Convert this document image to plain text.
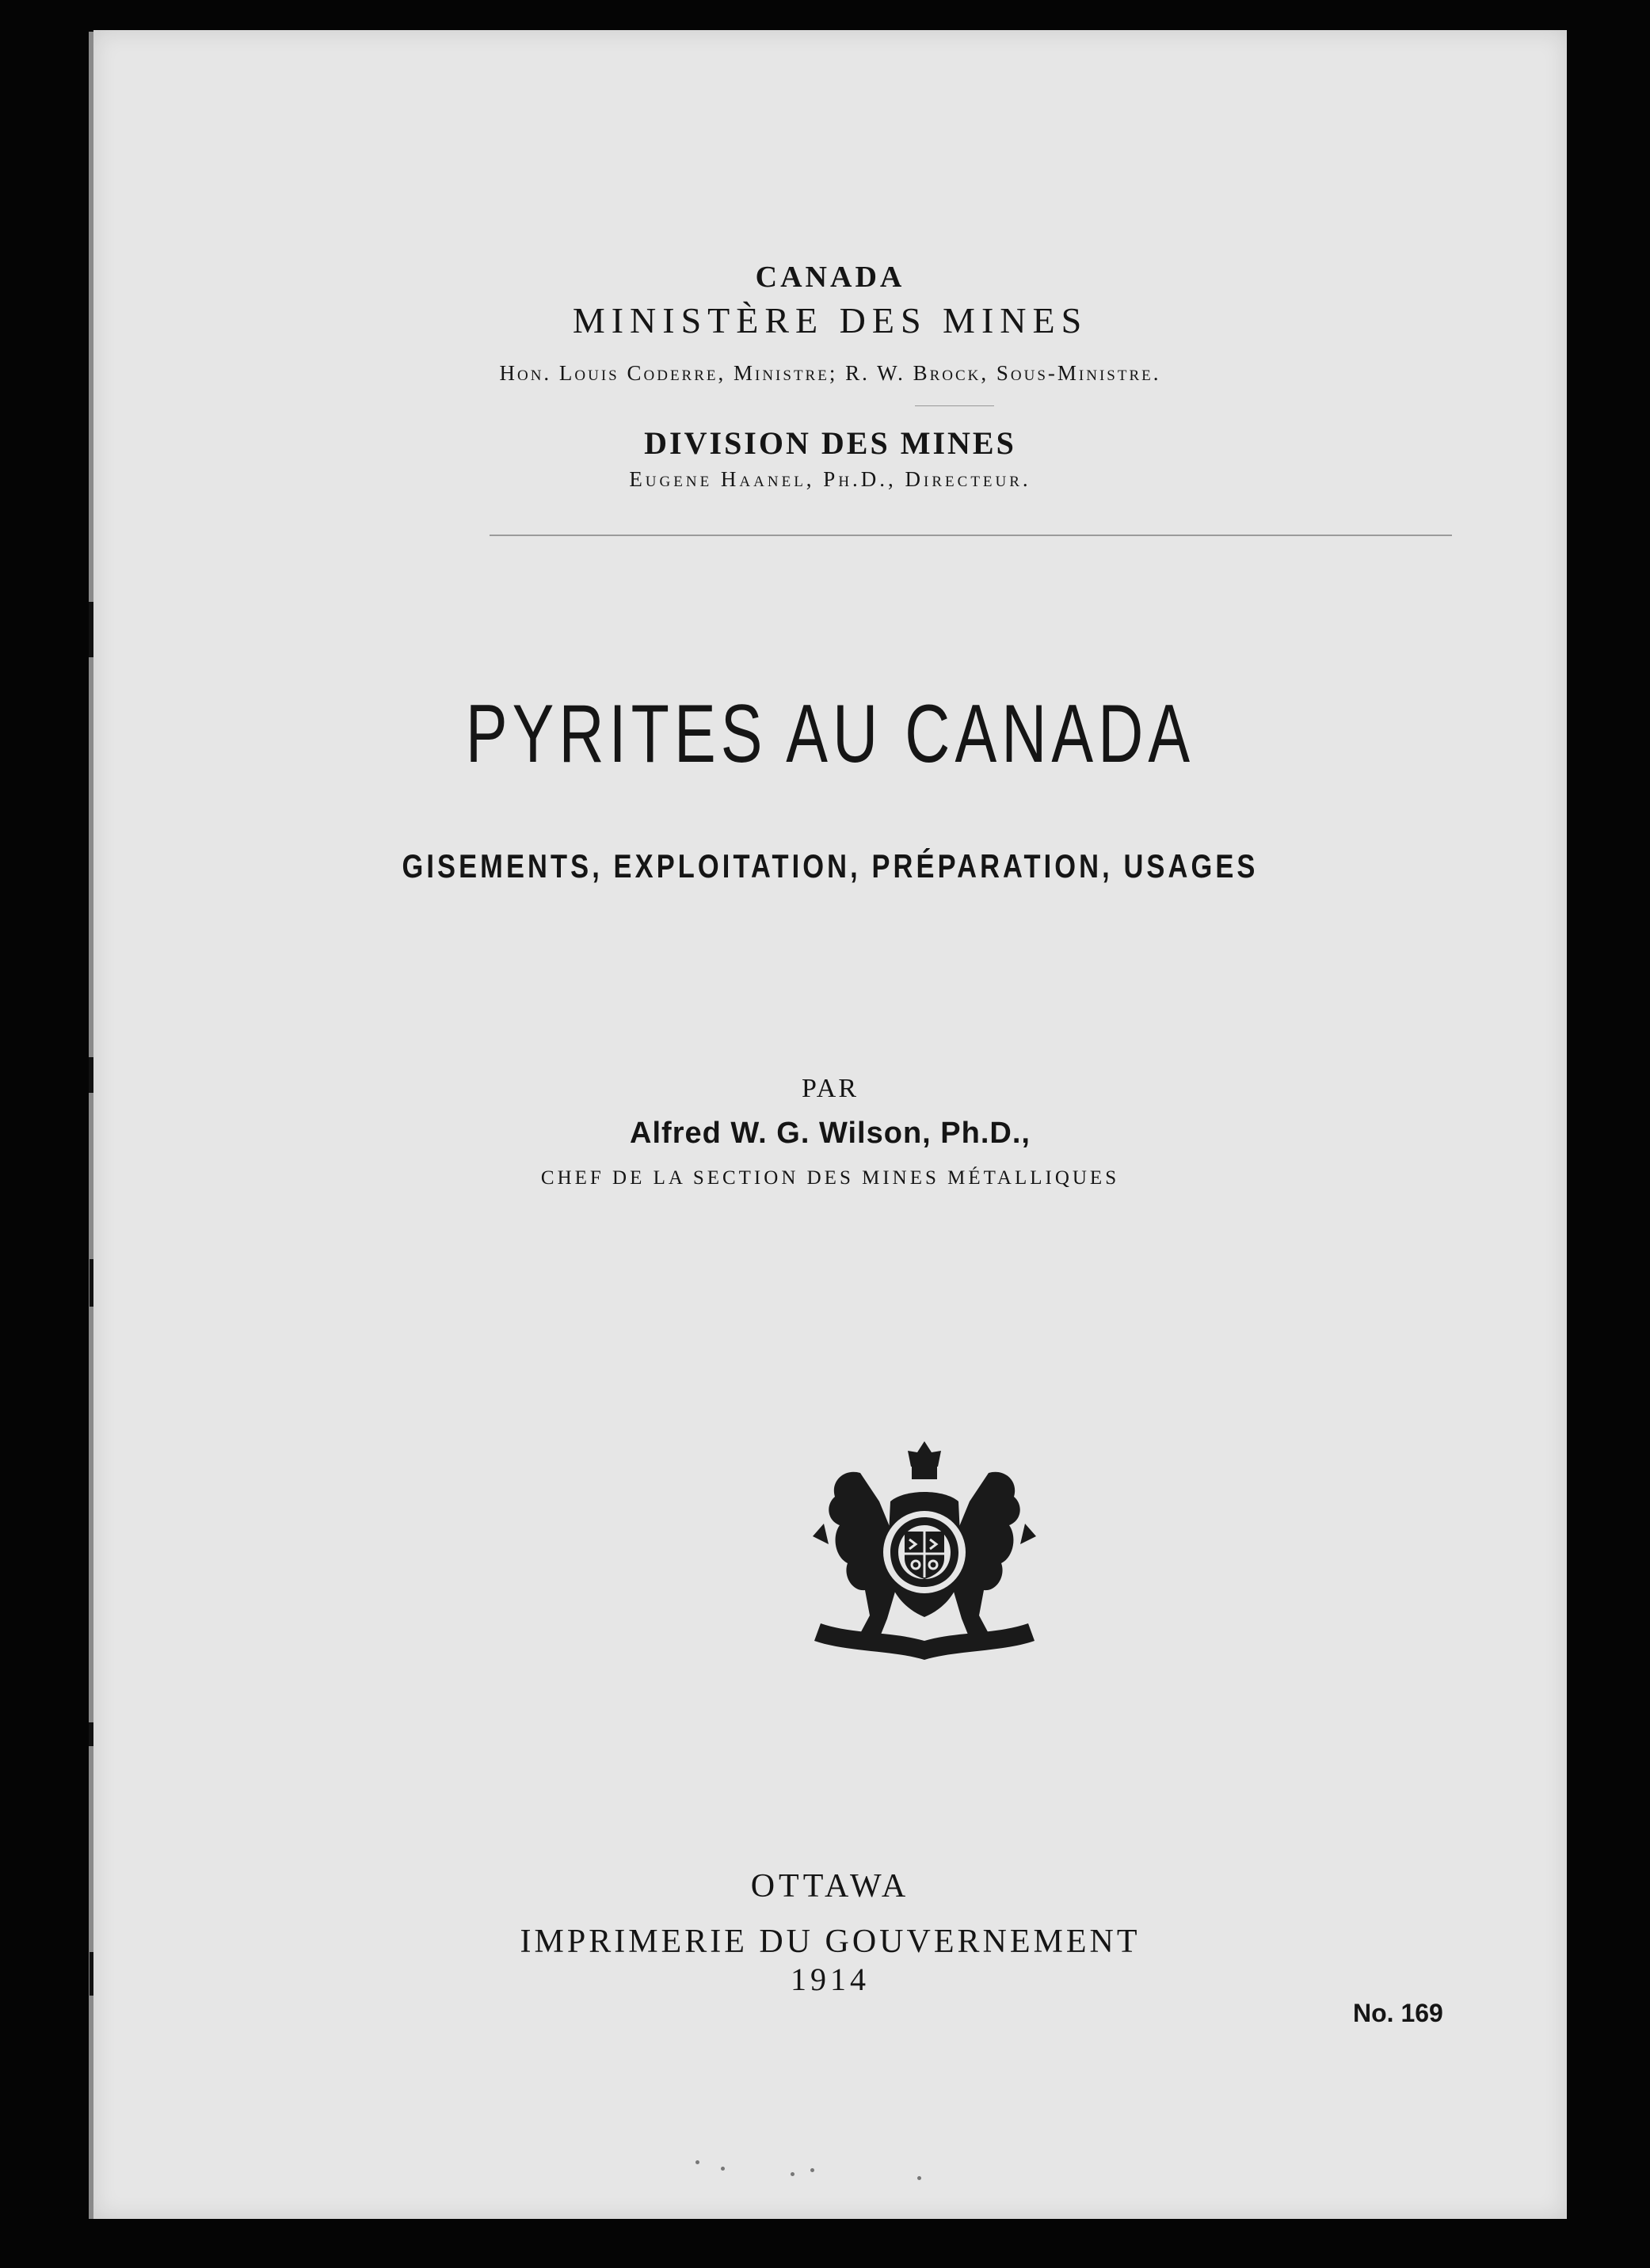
CANADA
MINISTÈRE DES MINES
Hon. Louis Coderre, Ministre; R. W. Brock, Sous-Ministre.
DIVISION DES MINES
Eugene Haanel, Ph.D., Directeur.
PYRITES AU CANADA
GISEMENTS, EXPLOITATION, PRÉPARATION, USAGES
PAR
Alfred W. G. Wilson, Ph.D.,
CHEF DE LA SECTION DES MINES MÉTALLIQUES
OTTAWA
IMPRIMERIE DU GOUVERNEMENT
1914
No. 169
